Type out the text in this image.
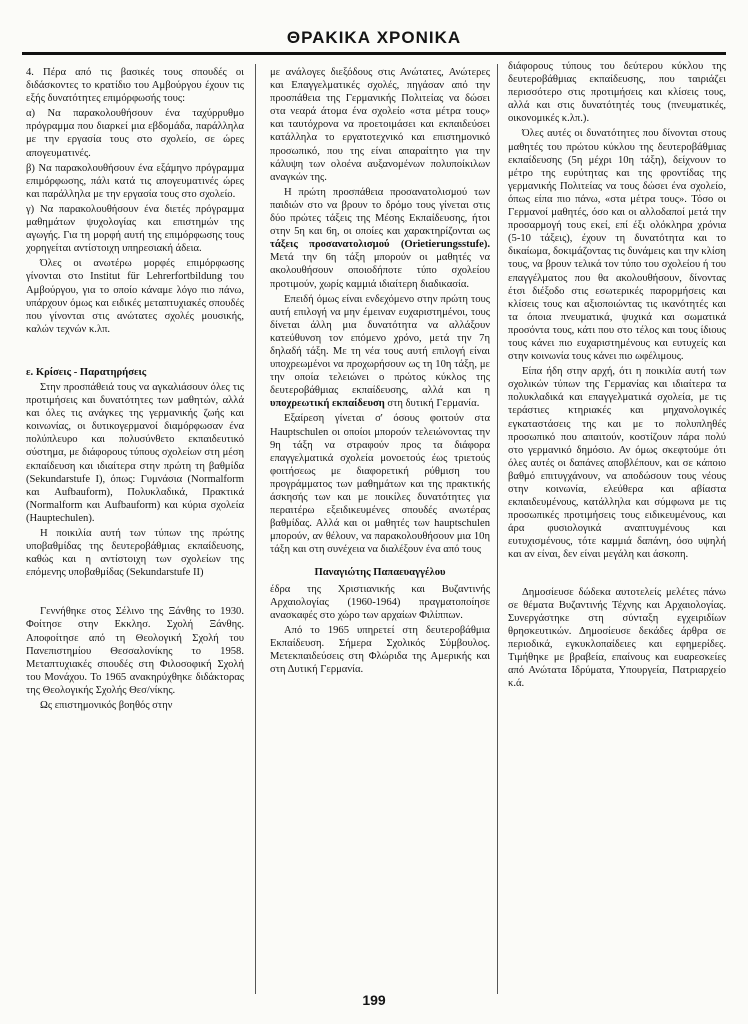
ΘΡΑΚΙΚΑ ΧΡΟΝΙΚΑ

4. Πέρα από τις βασικές τους σπουδές οι διδάσκοντες το κρατίδιο του Αμβούργου έχουν τις εξής δυνατότητες επιμόρφωσής τους:

α) Να παρακολουθήσουν ένα ταχύρρυθμο πρόγραμμα που διαρκεί μια εβδομάδα, παράλληλα με την εργασία τους στο σχολείο, σε ώρες απογευματινές.

β) Να παρακολουθήσουν ένα εξάμηνο πρόγραμμα επιμόρφωσης, πάλι κατά τις απογευματινές ώρες και παράλληλα με την εργασία τους στο σχολείο.

γ) Να παρακολουθήσουν ένα διετές πρόγραμμα μαθημάτων ψυχολογίας και επιστημών της αγωγής. Για τη μορφή αυτή της επιμόρφωσης τους χορηγείται αντίστοιχη υπηρεσιακή άδεια.

Όλες οι ανωτέρω μορφές επιμόρφωσης γίνονται στο Institut für Lehrerfortbildung του Αμβούργου, για το οποίο κάναμε λόγο πιο πάνω, υπάρχουν όμως και ειδικές μεταπτυχιακές σπουδές που γίνονται στις ανώτατες σχολές μουσικής, καλών τεχνών κ.λπ.

ε. Κρίσεις - Παρατηρήσεις

Στην προσπάθειά τους να αγκαλιάσουν όλες τις προτιμήσεις και δυνατότητες των μαθητών, αλλά και όλες τις ανάγκες της γερμανικής ζωής και κοινωνίας, οι δυτικογερμανοί διαμόρφωσαν ένα πολύπλευρο και πολυσύνθετο εκπαιδευτικό σύστημα, με διάφορους τύπους σχολείων στη μέση εκπαίδευση και ιδιαίτερα στην πρώτη τη βαθμίδα (Sekundarstufe I), όπως: Γυμνάσια (Normalform και Aufbauform), Πολυκλαδικά, Πρακτικά (Normalform και Aufbauform) και κύρια σχολεία (Hauptechulen).

Η ποικιλία αυτή των τύπων της πρώτης υποβαθμίδας της δευτεροβάθμιας εκπαίδευσης, καθώς και η αντίστοιχη των σχολείων της επόμενης υποβαθμίδας (Sekundarstufe II)

Γεννήθηκε στος Σέλινο της Ξάνθης το 1930. Φοίτησε στην Εκκλησ. Σχολή Ξάνθης. Αποφοίτησε από τη Θεολογική Σχολή του Πανεπιστημίου Θεσσαλονίκης το 1958. Μεταπτυχιακές σπουδές στη Φιλοσοφική Σχολή του Μονάχου. Το 1965 ανακηρύχθηκε διδάκτορας της Θεολογικής Σχολής Θεσ/νίκης.

Ως επιστημονικός βοηθός στην

με ανάλογες διεξόδους στις Ανώτατες, Ανώτερες και Επαγγελματικές σχολές, πηγάσαν από την προσπάθεια της Γερμανικής Πολιτείας να δώσει στα νεαρά άτομα ένα σχολείο «στα μέτρα τους» και ταυτόχρονα να προετοιμάσει και εκπαιδεύσει κατάλληλα το εργατοτεχνικό και επιστημονικό προσωπικό, που της είναι απαραίτητο για την κάλυψη των ολοένα αυξανομένων πολυποίκιλων αναγκών της.

Η πρώτη προσπάθεια προσανατολισμού των παιδιών στο να βρουν το δρόμο τους γίνεται στις δύο πρώτες τάξεις της Μέσης Εκπαίδευσης, ήτοι στην 5η και 6η, οι οποίες και χαρακτηρίζονται ως τάξεις προσανατολισμού (Orietierungsstufe). Μετά την 6η τάξη μπορούν οι μαθητές να ακολουθήσουν οποιοδήποτε τύπο σχολείου προτιμούν, χωρίς καμμιά ιδιαίτερη διαδικασία.

Επειδή όμως είναι ενδεχόμενο στην πρώτη τους αυτή επιλογή να μην έμειναν ευχαριστημένοι, τους δίνεται άλλη μια δυνατότητα να αλλάξουν κατεύθυνση τον επόμενο χρόνο, μετά την 7η δηλαδή τάξη. Με τη νέα τους αυτή επιλογή είναι υποχρεωμένοι να προχωρήσουν ως τη 10η τάξη, με την οποία τελειώνει ο πρώτος κύκλος της δευτεροβάθμιας εκπαίδευσης, αλλά και η υποχρεωτική εκπαίδευση στη δυτική Γερμανία.

Εξαίρεση γίνεται σ' όσους φοιτούν στα Hauptschulen οι οποίοι μπορούν τελειώνοντας την 9η τάξη να στραφούν προς τα διάφορα επαγγελματικά σχολεία μονοετούς έως τριετούς φοιτήσεως με διαφορετική ρύθμιση του προγράμματος των μαθημάτων και της πρακτικής άσκησής των και με ποικίλες δυνατότητες για περαιτέρω εξειδικευμένες σπουδές ανωτέρας βαθμίδας. Αλλά και οι μαθητές των hauptschulen μπορούν, αν θέλουν, να παρακολουθήσουν μια 10η τάξη και στη συνέχεια να διαλέξουν ένα από τους

Παναγιώτης Παπαευαγγέλου

έδρα της Χριστιανικής και Βυζαντινής Αρχαιολογίας (1960-1964) πραγματοποίησε ανασκαφές στο χώρο των αρχαίων Φιλίππων.

Από το 1965 υπηρετεί στη δευτεροβάθμια Εκπαίδευση. Σήμερα Σχολικός Σύμβουλος. Μετεκπαιδεύσεις στη Φλώριδα της Αμερικής και στη Δυτική Γερμανία.

διάφορους τύπους του δεύτερου κύκλου της δευτεροβάθμιας εκπαίδευσης, που ταιριάζει περισσότερο στις προτιμήσεις και κλίσεις τους, αλλά και στις δυνατότητές τους (πνευματικές, οικονομικές κ.λπ.).

Όλες αυτές οι δυνατότητες που δίνονται στους μαθητές του πρώτου κύκλου της δευτεροβάθμιας εκπαίδευσης (5η μέχρι 10η τάξη), δείχνουν το μέτρο της ευρύτητας και της φροντίδας της γερμανικής Πολιτείας να τους δώσει ένα σχολείο, όπως είπα πιο πάνω, «στα μέτρα τους». Τόσο οι Γερμανοί μαθητές, όσο και οι αλλοδαποί μετά την προσαρμογή τους εκεί, επί έξι ολόκληρα χρόνια (5-10 τάξεις), έχουν τη δυνατότητα και το δικαίωμα, δοκιμάζοντας τις δυνάμεις και την κλίση τους, να βρουν τελικά τον τύπο του σχολείου ή του επαγγέλματος που θα ακολουθήσουν, δίνοντας έτσι διέξοδο στις εσωτερικές παρορμήσεις και κλίσεις τους και αξιοποιώντας τις ικανότητές και τα όποια πνευματικά, ψυχικά και σωματικά προσόντα τους, κάτι που στο τέλος και τους ίδιους τους κάνει πιο ευχαριστημένους και ευτυχείς και στην κοινωνία τους κάνει πιο ωφέλιμους.

Είπα ήδη στην αρχή, ότι η ποικιλία αυτή των σχολικών τύπων της Γερμανίας και ιδιαίτερα τα πολυκλαδικά και επαγγελματικά σχολεία, με τις τεράστιες κτηριακές και μηχανολογικές εγκαταστάσεις της και με το πολυπληθές προσωπικό που απαιτούν, κοστίζουν πάρα πολύ στο γερμανικό δημόσιο. Αν όμως σκεφτούμε ότι όλες αυτές οι δαπάνες αποβλέπουν, και σε κάποιο βαθμό επιτυγχάνουν, να αποδώσουν τους νέους στην κοινωνία, ελεύθερα και αβίαστα εκπαιδευμένους, κατάλληλα και σύμφωνα με τις προσωπικές προτιμήσεις τους ειδικευμένους, και άρα φυσιολογικά αναπτυγμένους και ευτυχισμένους, τότε καμμιά δαπάνη, όσο υψηλή και αν είναι, δεν είναι μεγάλη και άσκοπη.

Δημοσίευσε δώδεκα αυτοτελείς μελέτες πάνω σε θέματα Βυζαντινής Τέχνης και Αρχαιολογίας. Συνεργάστηκε στη σύνταξη εγχειριδίων θρησκευτικών. Δημοσίευσε δεκάδες άρθρα σε περιοδικά, εγκυκλοπαίδειες και εφημερίδες. Τιμήθηκε με βραβεία, επαίνους και ευαρεσκείες από Ανώτατα Ιδρύματα, Υπουργεία, Πατριαρχείο κ.ά.

199
